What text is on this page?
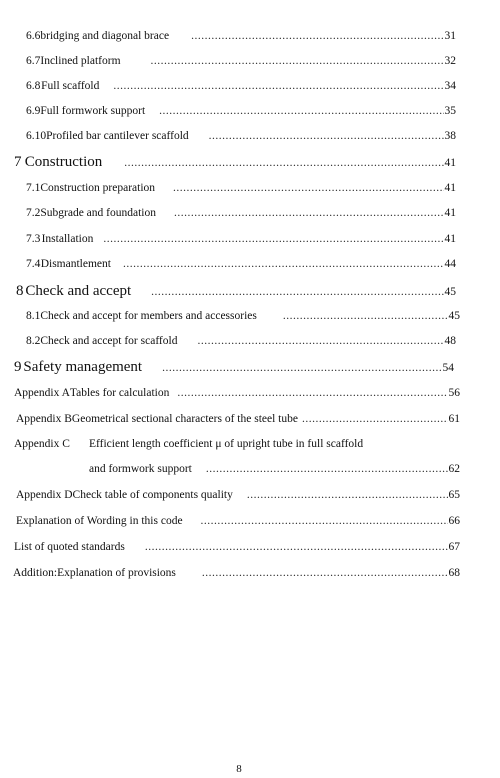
6.6 bridging and diagonal brace .....	31
6.7 Inclined platform .....	32
6.8 Full scaffold .....	34
6.9 Full formwork support .....	35
6.10 Profiled bar cantilever scaffold .....	38
7 Construction .....	41
7.1 Construction preparation .....	41
7.2 Subgrade and foundation .....	41
7.3 Installation .....	41
7.4 Dismantlement .....	44
8 Check and accept .....	45
8.1 Check and accept for members and accessories .....	45
8.2 Check and accept for scaffold .....	48
9 Safety management .....	54
Appendix A Tables for calculation .....	56
Appendix B Geometrical sectional characters of the steel tube .....	61
Appendix C	Efficient length coefficient μ of upright tube in full scaffold
and formwork support .....	62
Appendix D Check table of components quality .....	65
Explanation of Wording in this code .....	66
List of quoted standards .....	67
Addition:Explanation of provisions .....	68
8
